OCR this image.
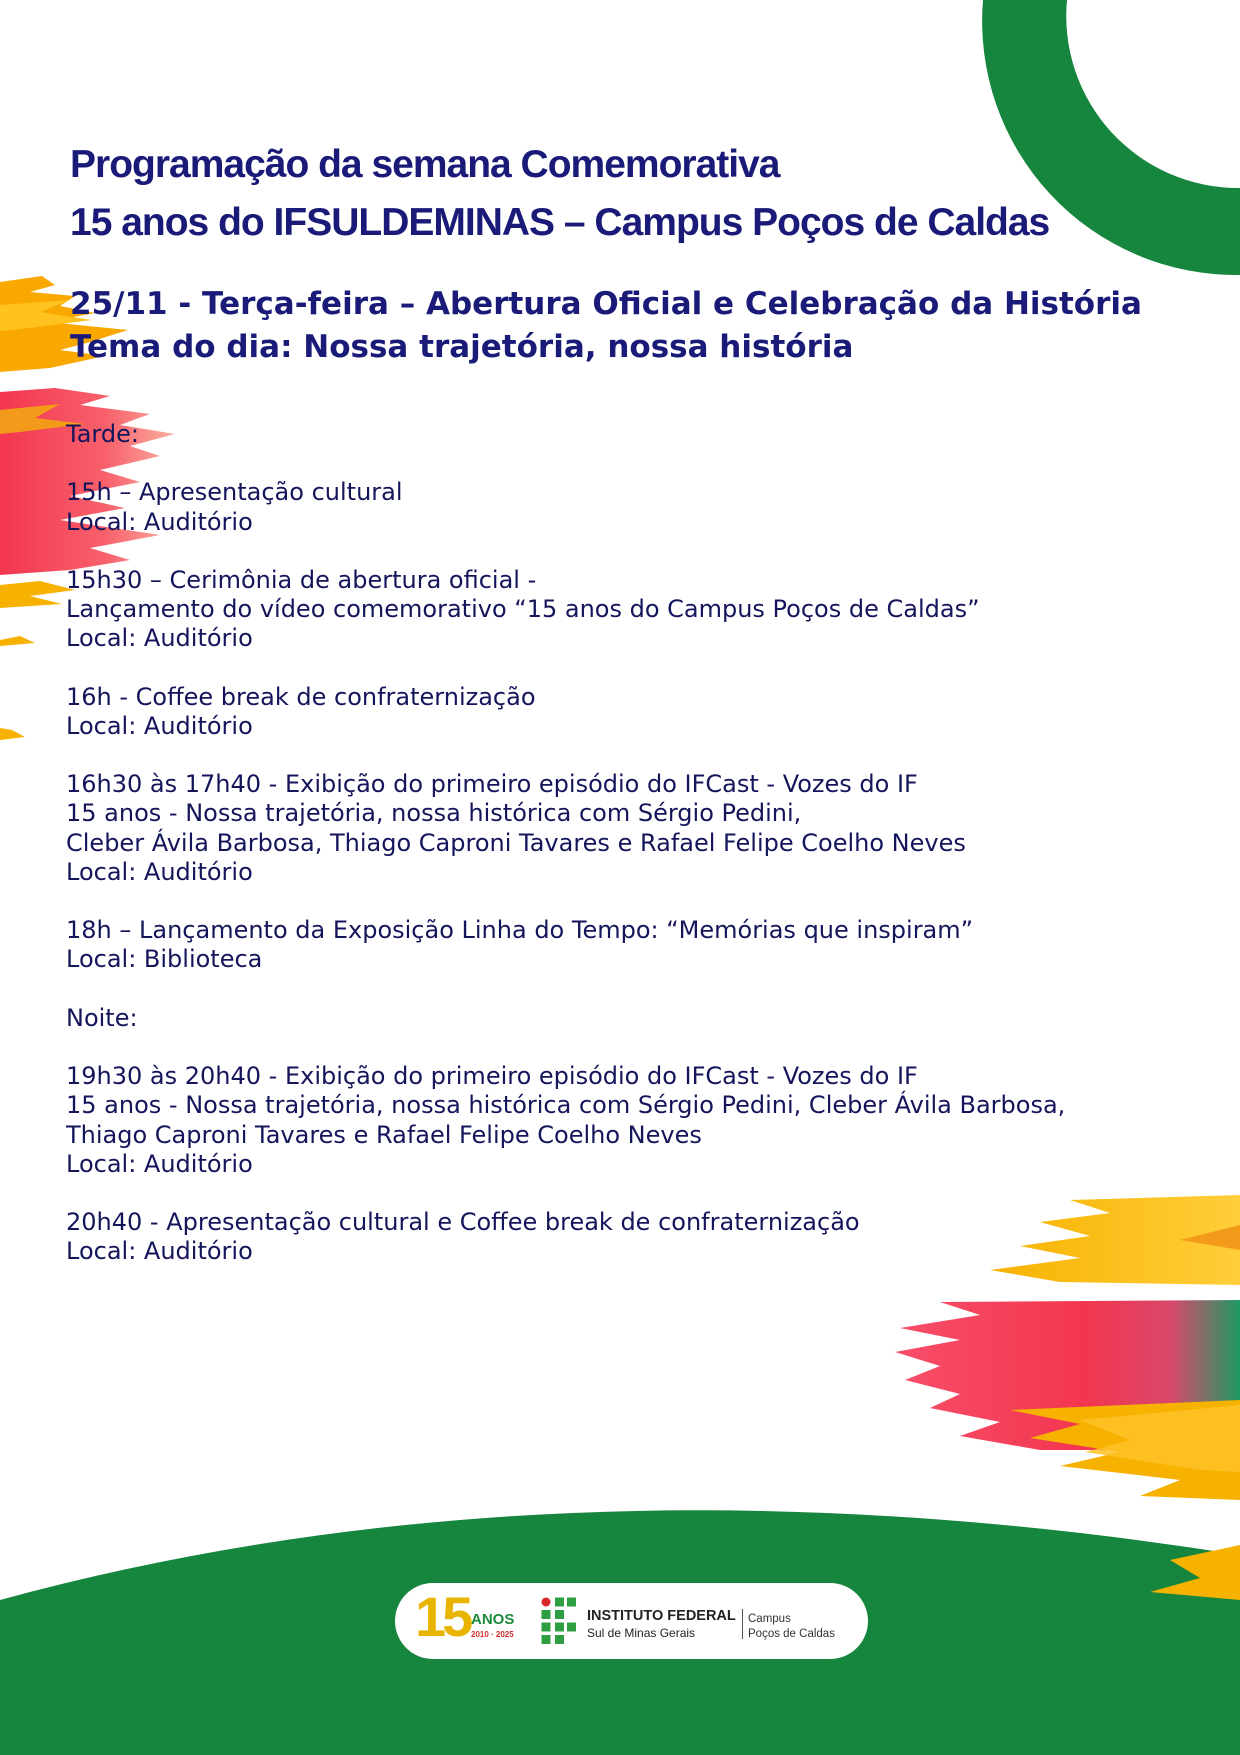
Programação da semana Comemorativa
15 anos do IFSULDEMINAS – Campus Poços de Caldas
25/11 - Terça-feira – Abertura Oficial e Celebração da História
Tema do dia: Nossa trajetória, nossa história
Tarde:
15h – Apresentação cultural
Local: Auditório
15h30 – Cerimônia de abertura oficial -
Lançamento do vídeo comemorativo “15 anos do Campus Poços de Caldas”
Local: Auditório
16h - Coffee break de confraternização
Local: Auditório
16h30 às 17h40 - Exibição do primeiro episódio do IFCast - Vozes do IF
15 anos - Nossa trajetória, nossa histórica com Sérgio Pedini,
Cleber Ávila Barbosa, Thiago Caproni Tavares e Rafael Felipe Coelho Neves
Local: Auditório
18h – Lançamento da Exposição Linha do Tempo: “Memórias que inspiram”
Local: Biblioteca
Noite:
19h30 às 20h40 - Exibição do primeiro episódio do IFCast - Vozes do IF
15 anos - Nossa trajetória, nossa histórica com Sérgio Pedini, Cleber Ávila Barbosa,
Thiago Caproni Tavares e Rafael Felipe Coelho Neves
Local: Auditório
20h40 - Apresentação cultural e Coffee break de confraternização
Local: Auditório
15 ANOS
2010 · 2025
INSTITUTO FEDERAL
Sul de Minas Gerais
Campus
Poços de Caldas
